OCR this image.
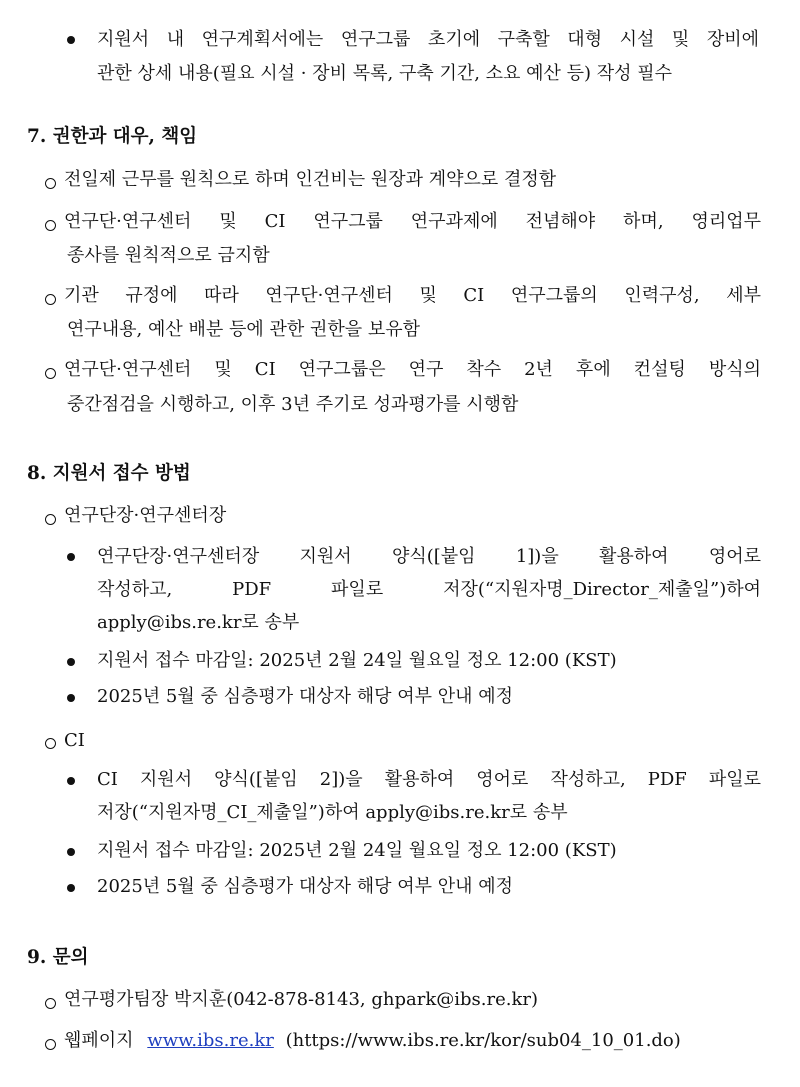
지원서 내 연구계획서에는 연구그룹 초기에 구축할 대형 시설 및 장비에
관한 상세 내용(필요 시설 · 장비 목록, 구축 기간, 소요 예산 등) 작성 필수
7. 권한과 대우, 책임
전일제 근무를 원칙으로 하며 인건비는 원장과 계약으로 결정함
연구단·연구센터 및 CI 연구그룹 연구과제에 전념해야 하며, 영리업무
종사를 원칙적으로 금지함
기관 규정에 따라 연구단·연구센터 및 CI 연구그룹의 인력구성, 세부
연구내용, 예산 배분 등에 관한 권한을 보유함
연구단·연구센터 및 CI 연구그룹은 연구 착수 2년 후에 컨설팅 방식의
중간점검을 시행하고, 이후 3년 주기로 성과평가를 시행함
8. 지원서 접수 방법
연구단장·연구센터장
연구단장·연구센터장 지원서 양식([붙임 1])을 활용하여 영어로
작성하고, PDF 파일로 저장(“지원자명_Director_제출일”)하여
apply@ibs.re.kr로 송부
지원서 접수 마감일: 2025년 2월 24일 월요일 정오 12:00 (KST)
2025년 5월 중 심층평가 대상자 해당 여부 안내 예정
CI
CI 지원서 양식([붙임 2])을 활용하여 영어로 작성하고, PDF 파일로
저장(“지원자명_CI_제출일”)하여 apply@ibs.re.kr로 송부
지원서 접수 마감일: 2025년 2월 24일 월요일 정오 12:00 (KST)
2025년 5월 중 심층평가 대상자 해당 여부 안내 예정
9. 문의
연구평가팀장 박지훈(042-878-8143, ghpark@ibs.re.kr)
웹페이지 www.ibs.re.kr (https://www.ibs.re.kr/kor/sub04_10_01.do)
